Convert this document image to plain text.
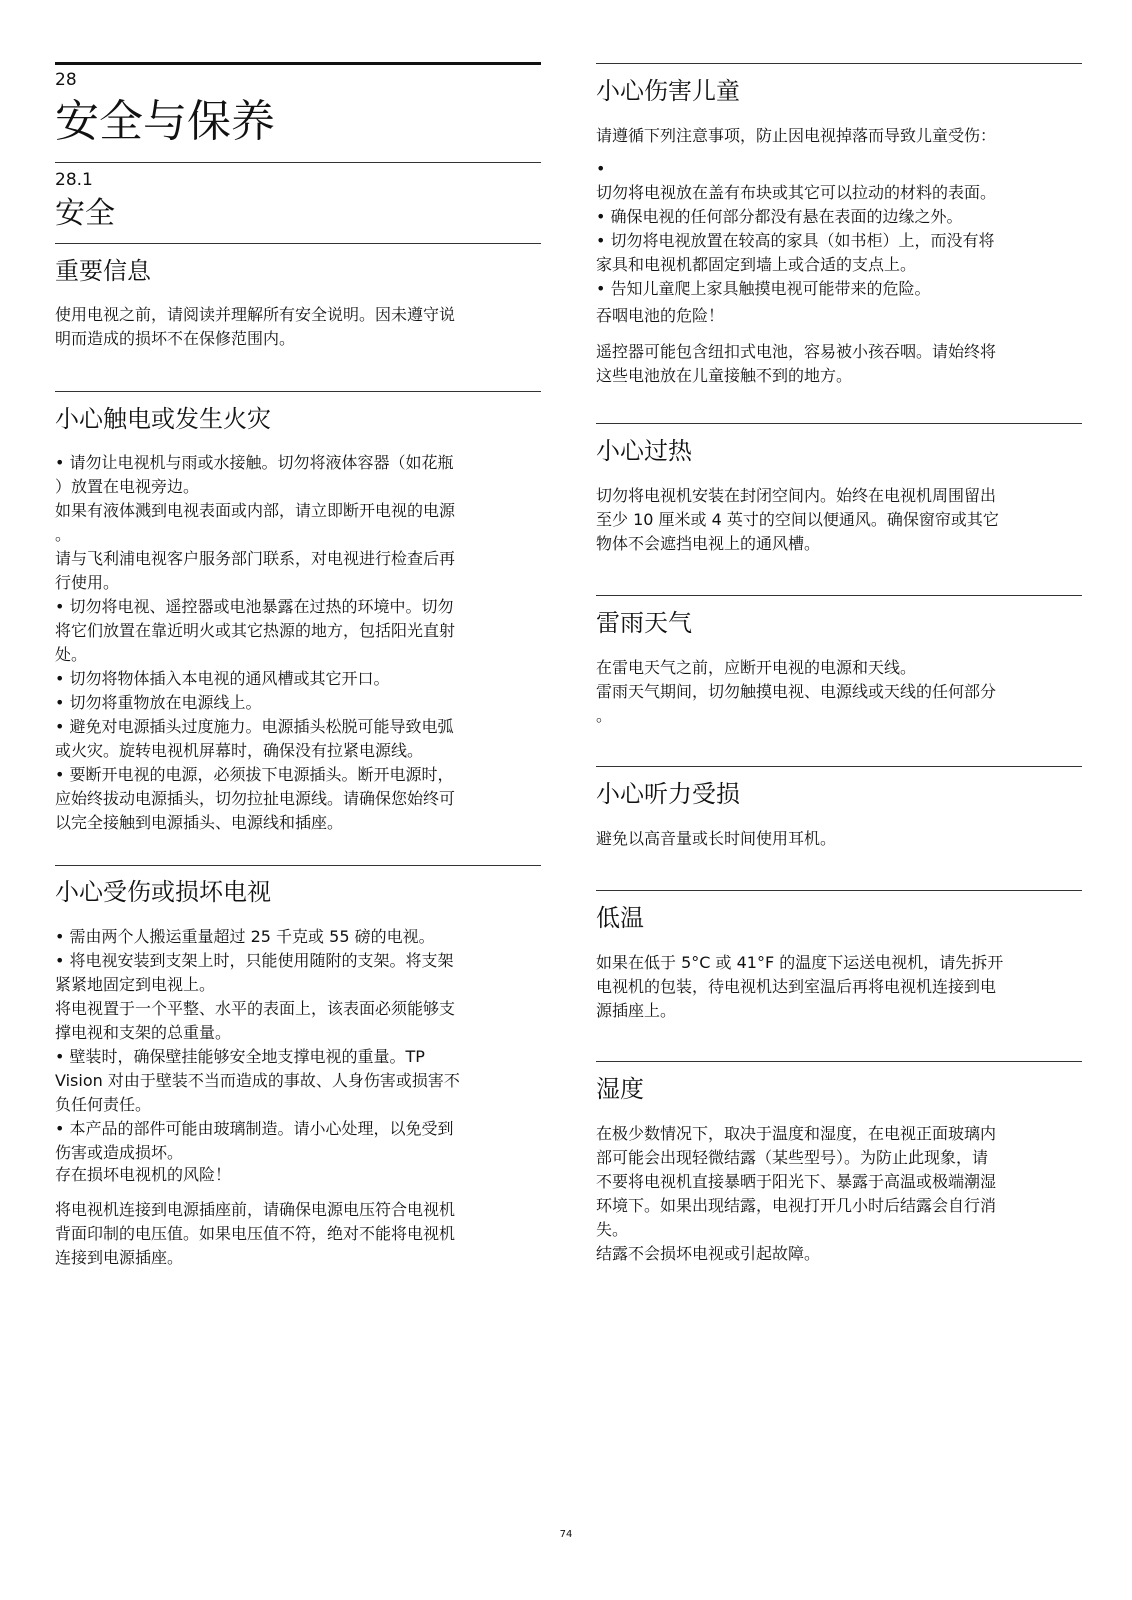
28
安全与保养
28.1
安全
重要信息

使用电视之前，请阅读并理解所有安全说明。因未遵守说

明而造成的损坏不在保修范围内。

小心触电或发生火灾

• 请勿让电视机与雨或水接触。切勿将液体容器（如花瓶

）放置在电视旁边。

如果有液体溅到电视表面或内部，请立即断开电视的电源

。

请与飞利浦电视客户服务部门联系，对电视进行检查后再

行使用。

• 切勿将电视、遥控器或电池暴露在过热的环境中。切勿

将它们放置在靠近明火或其它热源的地方，包括阳光直射

处。

• 切勿将物体插入本电视的通风槽或其它开口。

• 切勿将重物放在电源线上。

• 避免对电源插头过度施力。电源插头松脱可能导致电弧

或火灾。旋转电视机屏幕时，确保没有拉紧电源线。

• 要断开电视的电源，必须拔下电源插头。断开电源时，

应始终拔动电源插头，切勿拉扯电源线。请确保您始终可

以完全接触到电源插头、电源线和插座。

小心受伤或损坏电视

• 需由两个人搬运重量超过 25 千克或 55 磅的电视。

• 将电视安装到支架上时，只能使用随附的支架。将支架

紧紧地固定到电视上。

将电视置于一个平整、水平的表面上，该表面必须能够支

撑电视和支架的总重量。

• 壁装时，确保壁挂能够安全地支撑电视的重量。TP

Vision 对由于壁装不当而造成的事故、人身伤害或损害不

负任何责任。

• 本产品的部件可能由玻璃制造。请小心处理，以免受到

伤害或造成损坏。

存在损坏电视机的风险！

将电视机连接到电源插座前，请确保电源电压符合电视机

背面印制的电压值。如果电压值不符，绝对不能将电视机

连接到电源插座。

小心伤害儿童
请遵循下列注意事项，防止因电视掉落而导致儿童受伤：

•

切勿将电视放在盖有布块或其它可以拉动的材料的表面。

• 确保电视的任何部分都没有悬在表面的边缘之外。

• 切勿将电视放置在较高的家具（如书柜）上，而没有将

家具和电视机都固定到墙上或合适的支点上。

• 告知儿童爬上家具触摸电视可能带来的危险。

吞咽电池的危险！

遥控器可能包含纽扣式电池，容易被小孩吞咽。请始终将

这些电池放在儿童接触不到的地方。

小心过热

切勿将电视机安装在封闭空间内。始终在电视机周围留出

至少 10 厘米或 4 英寸的空间以便通风。确保窗帘或其它

物体不会遮挡电视上的通风槽。

雷雨天气

在雷电天气之前，应断开电视的电源和天线。

雷雨天气期间，切勿触摸电视、电源线或天线的任何部分

。

小心听力受损

避免以高音量或长时间使用耳机。

低温

如果在低于 5°C 或 41°F 的温度下运送电视机，请先拆开

电视机的包装，待电视机达到室温后再将电视机连接到电

源插座上。

湿度

在极少数情况下，取决于温度和湿度，在电视正面玻璃内

部可能会出现轻微结露（某些型号）。为防止此现象，请

不要将电视机直接暴晒于阳光下、暴露于高温或极端潮湿

环境下。如果出现结露，电视打开几小时后结露会自行消

失。

结露不会损坏电视或引起故障。

74
